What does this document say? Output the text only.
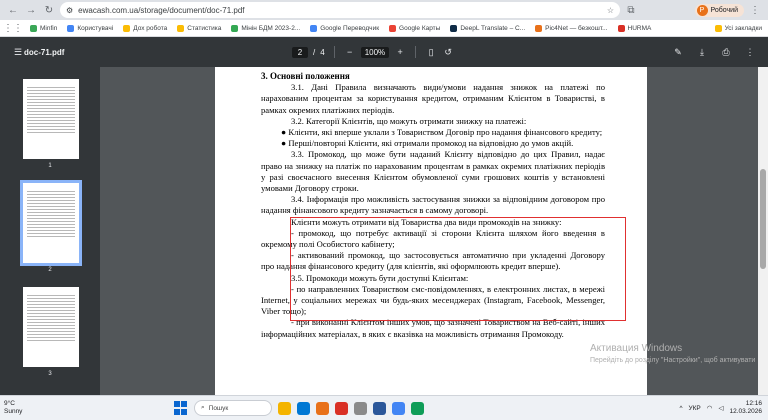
← → ↻	⚙ ewacash.com.ua/storage/document/doc-71.pdf	☆	⧉	Р Робочий ⋮
⋮⋮	Minfin	Користувачі	Дох робота	Статистика	Мінін БДМ 2023-2...	Google Переводчик	Google Карты	DeepL Translate – C...	Pic4Net — безкошт...	HURMA	Усі закладки
☰ doc-71.pdf	2	/ 4	−	100%	+	▯	↺	✎	⤓	⎙ ⋮
1
2
3

3. Основні положення

3.1. Дані Правила визначають види/умови надання знижок на платежі по нарахованим процентам за користування кредитом, отриманим Клієнтом в Товаристві, в рамках окремих платіжних періодів.

3.2. Категорії Клієнтів, що можуть отримати знижку на платежі:

● Клієнти, які вперше уклали з Товариством Договір про надання фінансового кредиту;

● Перші/повторні Клієнти, які отримали промокод на відповідно до умов акцій.

3.3. Промокод, що може бути наданий Клієнту відповідно до цих Правил, надає право на знижку на платіж по нарахованим процентам в рамках окремих платіжних періодів у разі своєчасного внесення Клієнтом обумовленої суми грошових коштів у встановлені умовами Договору строки.

3.4. Інформація про можливість застосування знижки за відповідним договором про надання фінансового кредиту зазначається в самому договорі.

Клієнти можуть отримати від Товариства два види промокодів на знижку:

- промокод, що потребує активації зі сторони Клієнта шляхом його введення в окремому полі Особистого кабінету;

- активований промокод, що застосовується автоматично при укладенні Договору про надання фінансового кредиту (для клієнтів, які оформлюють кредит вперше).

3.5. Промокоди можуть бути доступні Клієнтам:

- по направленних Товариством смс-повідомленнях, в електронних листах, в мережі Internet, у соціальних мережах чи будь-яких месенджерах (Instagram, Facebook, Messenger, Viber тощо);

- при виконанні Клієнтом інших умов, що зазначені Товариством на Веб-сайті, інших інформаційних матеріалах, в яких є вказівка на можливість отримання Промокоду.

Активация Windows
Перейдіть до розділу "Настройки", щоб активувати
9°C
Sunny
⌕ Пошук	^ УКР ◠ ◁
12:16
12.03.2026
